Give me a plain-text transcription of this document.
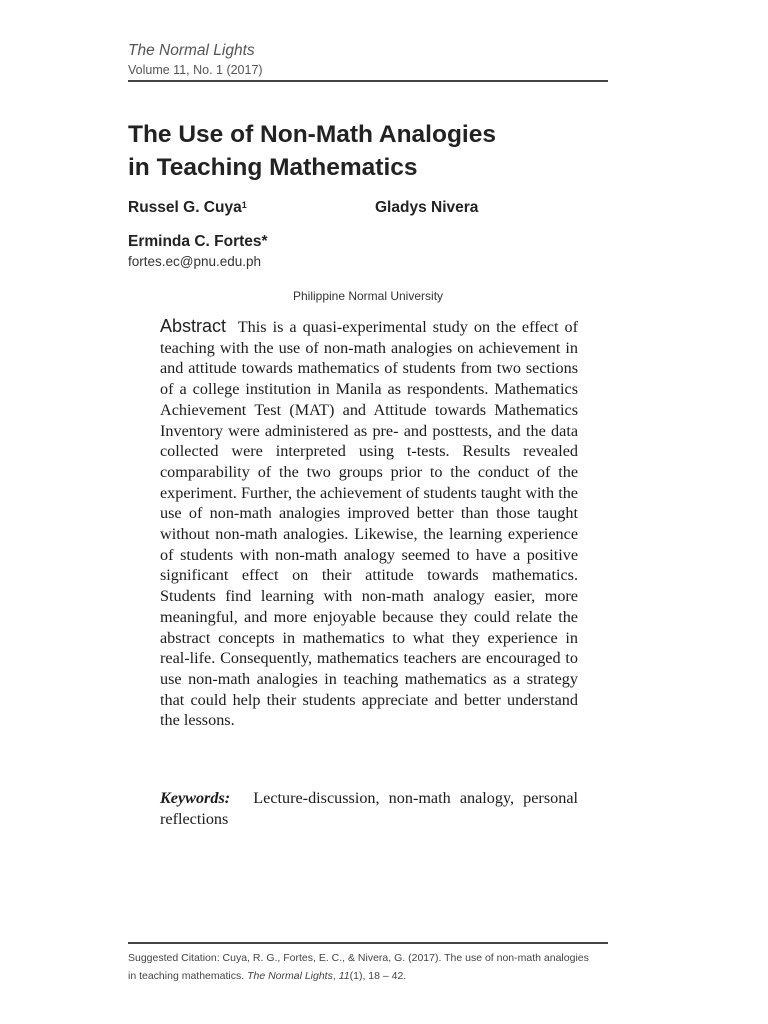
The Normal Lights
Volume 11, No. 1 (2017)
The Use of Non-Math Analogies
in Teaching Mathematics
Russel G. Cuya$^1$	Gladys Nivera
Erminda C. Fortes*
fortes.ec@pnu.edu.ph
Philippine Normal University

Abstract This is a quasi-experimental study on the effect of teaching with the use of non-math analogies on achievement in and attitude towards mathematics of students from two sections of a college institution in Manila as respondents. Mathematics Achievement Test (MAT) and Attitude towards Mathematics Inventory were administered as pre- and posttests, and the data collected were interpreted using t-tests. Results revealed comparability of the two groups prior to the conduct of the experiment. Further, the achievement of students taught with the use of non-math analogies improved better than those taught without non-math analogies. Likewise, the learning experience of students with non-math analogy seemed to have a positive significant effect on their attitude towards mathematics. Students find learning with non-math analogy easier, more meaningful, and more enjoyable because they could relate the abstract concepts in mathematics to what they experience in real-life. Consequently, mathematics teachers are encouraged to use non-math analogies in teaching mathematics as a strategy that could help their students appreciate and better understand the lessons.

Keywords: Lecture-discussion, non-math analogy, personal reflections

Suggested Citation: Cuya, R. G., Fortes, E. C., & Nivera, G. (2017). The use of non-math analogies in teaching mathematics. The Normal Lights, 11(1), 18 – 42.
